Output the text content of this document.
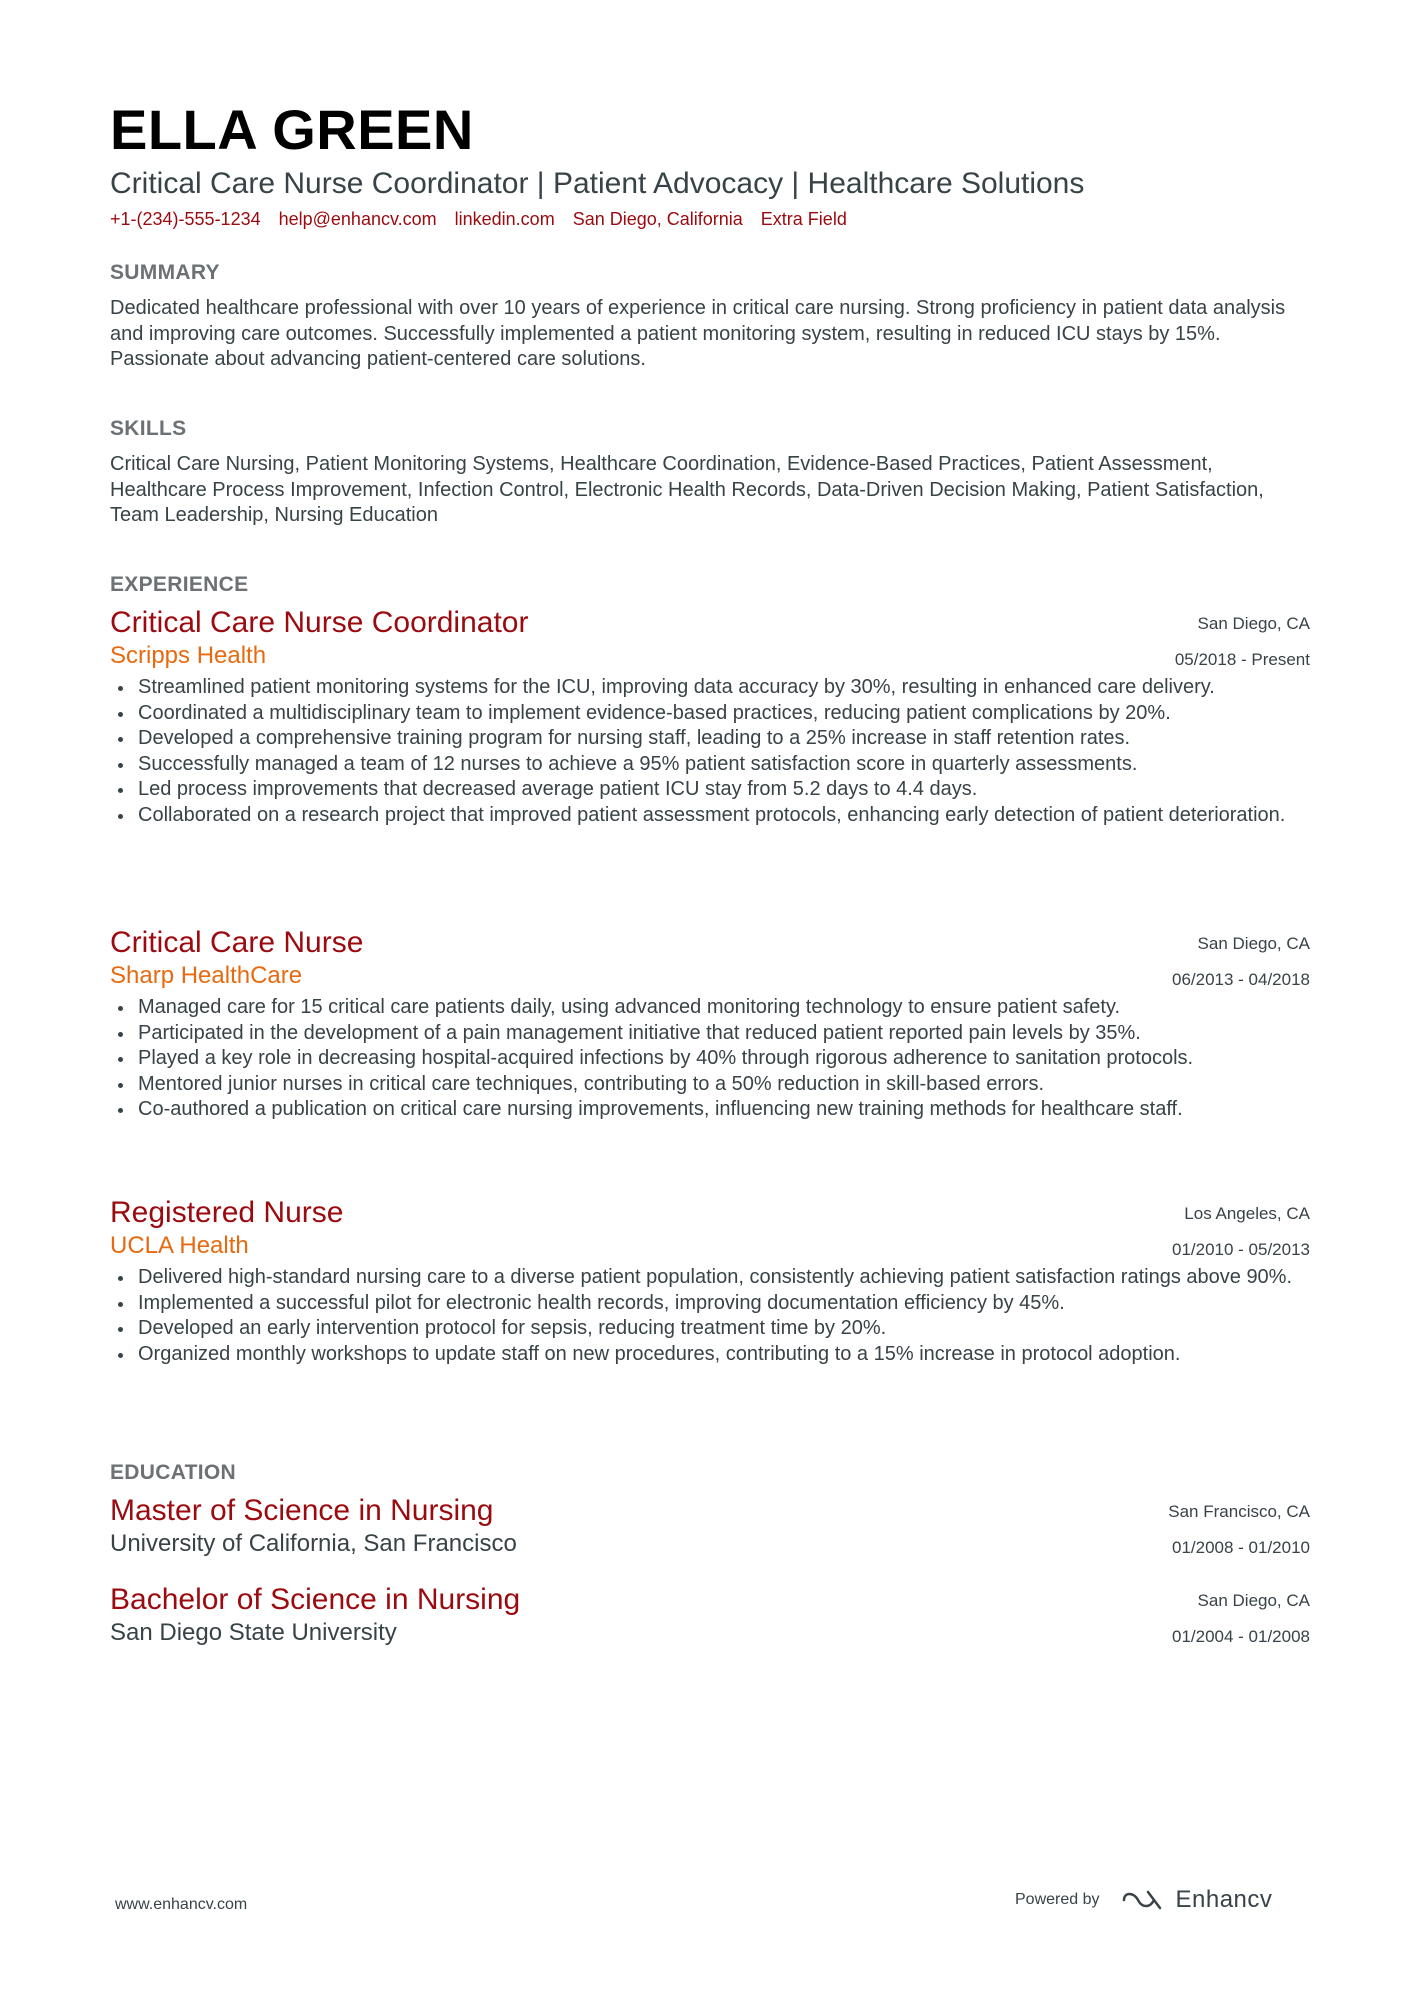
ELLA GREEN
Critical Care Nurse Coordinator | Patient Advocacy | Healthcare Solutions
+1-(234)-555-1234 help@enhancv.com linkedin.com San Diego, California Extra Field
SUMMARY

Dedicated healthcare professional with over 10 years of experience in critical care nursing. Strong proficiency in patient data analysis and improving care outcomes. Successfully implemented a patient monitoring system, resulting in reduced ICU stays by 15%. Passionate about advancing patient-centered care solutions.

SKILLS

Critical Care Nursing, Patient Monitoring Systems, Healthcare Coordination, Evidence-Based Practices, Patient Assessment, Healthcare Process Improvement, Infection Control, Electronic Health Records, Data-Driven Decision Making, Patient Satisfaction, Team Leadership, Nursing Education

EXPERIENCE
Critical Care Nurse Coordinator
Scripps Health
San Diego, CA
05/2018 - Present
Streamlined patient monitoring systems for the ICU, improving data accuracy by 30%, resulting in enhanced care delivery.
Coordinated a multidisciplinary team to implement evidence-based practices, reducing patient complications by 20%.
Developed a comprehensive training program for nursing staff, leading to a 25% increase in staff retention rates.
Successfully managed a team of 12 nurses to achieve a 95% patient satisfaction score in quarterly assessments.
Led process improvements that decreased average patient ICU stay from 5.2 days to 4.4 days.
Collaborated on a research project that improved patient assessment protocols, enhancing early detection of patient deterioration.
Critical Care Nurse
Sharp HealthCare
San Diego, CA
06/2013 - 04/2018
Managed care for 15 critical care patients daily, using advanced monitoring technology to ensure patient safety.
Participated in the development of a pain management initiative that reduced patient reported pain levels by 35%.
Played a key role in decreasing hospital-acquired infections by 40% through rigorous adherence to sanitation protocols.
Mentored junior nurses in critical care techniques, contributing to a 50% reduction in skill-based errors.
Co-authored a publication on critical care nursing improvements, influencing new training methods for healthcare staff.
Registered Nurse
UCLA Health
Los Angeles, CA
01/2010 - 05/2013
Delivered high-standard nursing care to a diverse patient population, consistently achieving patient satisfaction ratings above 90%.
Implemented a successful pilot for electronic health records, improving documentation efficiency by 45%.
Developed an early intervention protocol for sepsis, reducing treatment time by 20%.
Organized monthly workshops to update staff on new procedures, contributing to a 15% increase in protocol adoption.
EDUCATION
Master of Science in Nursing
University of California, San Francisco
San Francisco, CA
01/2008 - 01/2010
Bachelor of Science in Nursing
San Diego State University
San Diego, CA
01/2004 - 01/2008
www.enhancv.com	Powered by	Enhancv
